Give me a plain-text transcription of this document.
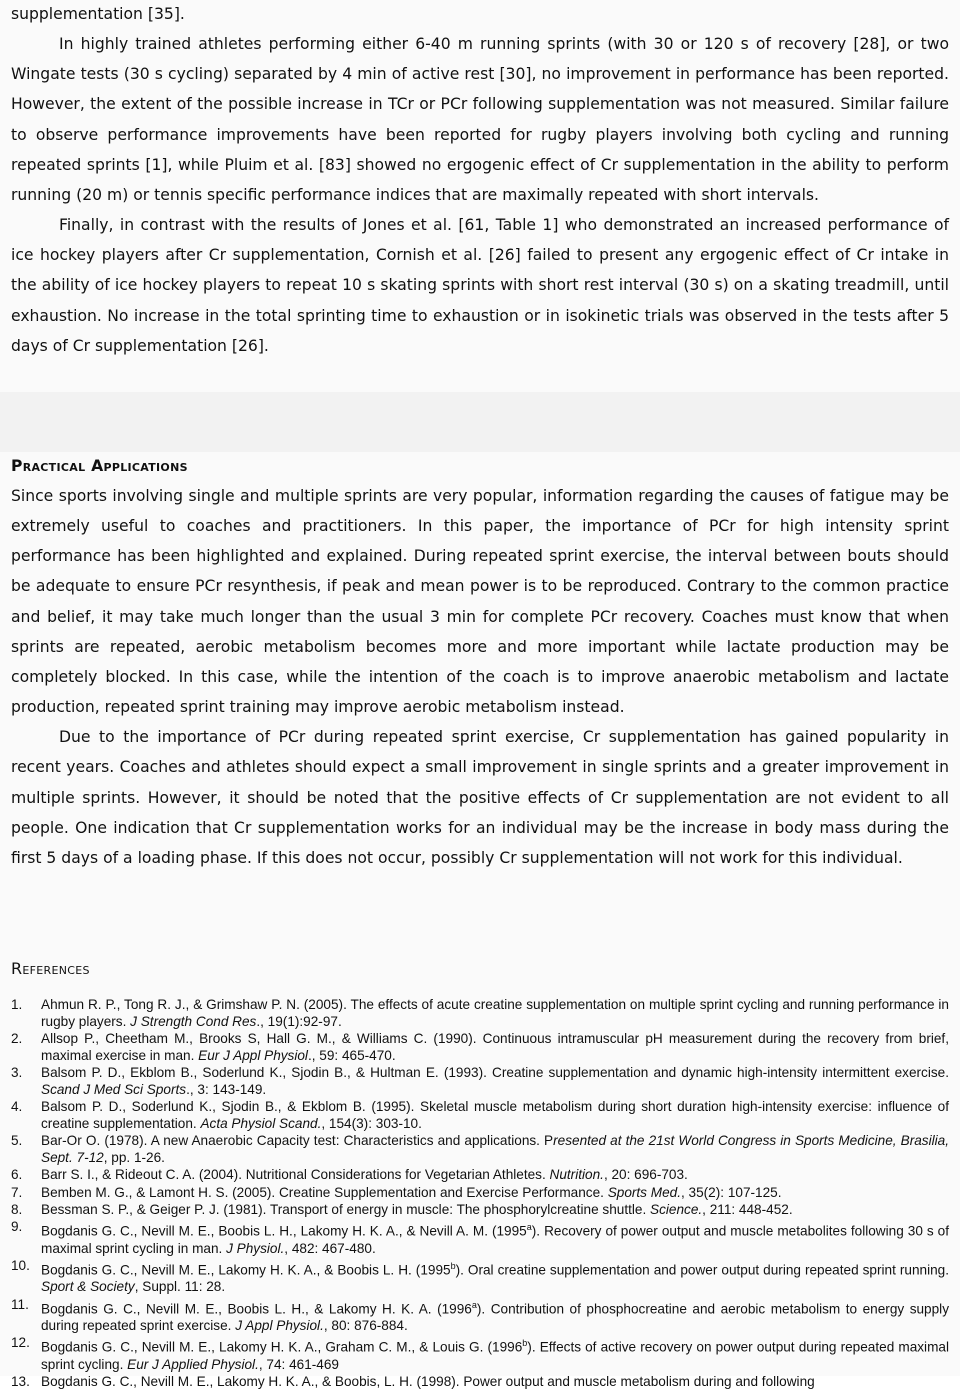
supplementation [35].

In highly trained athletes performing either 6-40 m running sprints (with 30 or 120 s of recovery [28], or two Wingate tests (30 s cycling) separated by 4 min of active rest [30], no improvement in performance has been reported. However, the extent of the possible increase in TCr or PCr following supplementation was not measured. Similar failure to observe performance improvements have been reported for rugby players involving both cycling and running repeated sprints [1], while Pluim et al. [83] showed no ergogenic effect of Cr supplementation in the ability to perform running (20 m) or tennis specific performance indices that are maximally repeated with short intervals.

Finally, in contrast with the results of Jones et al. [61, Table 1] who demonstrated an increased performance of ice hockey players after Cr supplementation, Cornish et al. [26] failed to present any ergogenic effect of Cr intake in the ability of ice hockey players to repeat 10 s skating sprints with short rest interval (30 s) on a skating treadmill, until exhaustion. No increase in the total sprinting time to exhaustion or in isokinetic trials was observed in the tests after 5 days of Cr supplementation [26].

Practical Applications

Since sports involving single and multiple sprints are very popular, information regarding the causes of fatigue may be extremely useful to coaches and practitioners. In this paper, the importance of PCr for high intensity sprint performance has been highlighted and explained. During repeated sprint exercise, the interval between bouts should be adequate to ensure PCr resynthesis, if peak and mean power is to be reproduced. Contrary to the common practice and belief, it may take much longer than the usual 3 min for complete PCr recovery. Coaches must know that when sprints are repeated, aerobic metabolism becomes more and more important while lactate production may be completely blocked. In this case, while the intention of the coach is to improve anaerobic metabolism and lactate production, repeated sprint training may improve aerobic metabolism instead.

Due to the importance of PCr during repeated sprint exercise, Cr supplementation has gained popularity in recent years. Coaches and athletes should expect a small improvement in single sprints and a greater improvement in multiple sprints. However, it should be noted that the positive effects of Cr supplementation are not evident to all people. One indication that Cr supplementation works for an individual may be the increase in body mass during the first 5 days of a loading phase. If this does not occur, possibly Cr supplementation will not work for this individual.

References
1. Ahmun R. P., Tong R. J., & Grimshaw P. N. (2005). The effects of acute creatine supplementation on multiple sprint cycling and running performance in rugby players. J Strength Cond Res., 19(1):92-97.
2. Allsop P., Cheetham M., Brooks S, Hall G. M., & Williams C. (1990). Continuous intramuscular pH measurement during the recovery from brief, maximal exercise in man. Eur J Appl Physiol., 59: 465-470.
3. Balsom P. D., Ekblom B., Soderlund K., Sjodin B., & Hultman E. (1993). Creatine supplementation and dynamic high-intensity intermittent exercise. Scand J Med Sci Sports., 3: 143-149.
4. Balsom P. D., Soderlund K., Sjodin B., & Ekblom B. (1995). Skeletal muscle metabolism during short duration high-intensity exercise: influence of creatine supplementation. Acta Physiol Scand., 154(3): 303-10.
5. Bar-Or O. (1978). A new Anaerobic Capacity test: Characteristics and applications. Presented at the 21st World Congress in Sports Medicine, Brasilia, Sept. 7-12, pp. 1-26.
6. Barr S. I., & Rideout C. A. (2004). Nutritional Considerations for Vegetarian Athletes. Nutrition., 20: 696-703.
7. Bemben M. G., & Lamont H. S. (2005). Creatine Supplementation and Exercise Performance. Sports Med., 35(2): 107-125.
8. Bessman S. P., & Geiger P. J. (1981). Transport of energy in muscle: The phosphorylcreatine shuttle. Science., 211: 448-452.
9. Bogdanis G. C., Nevill M. E., Boobis L. H., Lakomy H. K. A., & Nevill A. M. (1995$^a$). Recovery of power output and muscle metabolites following 30 s of maximal sprint cycling in man. J Physiol., 482: 467-480.
10. Bogdanis G. C., Nevill M. E., Lakomy H. K. A., & Boobis L. H. (1995$^b$). Oral creatine supplementation and power output during repeated sprint running. Sport & Society, Suppl. 11: 28.
11. Bogdanis G. C., Nevill M. E., Boobis L. H., & Lakomy H. K. A. (1996$^a$). Contribution of phosphocreatine and aerobic metabolism to energy supply during repeated sprint exercise. J Appl Physiol., 80: 876-884.
12. Bogdanis G. C., Nevill M. E., Lakomy H. K. A., Graham C. M., & Louis G. (1996$^b$). Effects of active recovery on power output during repeated maximal sprint cycling. Eur J Applied Physiol., 74: 461-469
13. Bogdanis G. C., Nevill M. E., Lakomy H. K. A., & Boobis, L. H. (1998). Power output and muscle metabolism during and following
